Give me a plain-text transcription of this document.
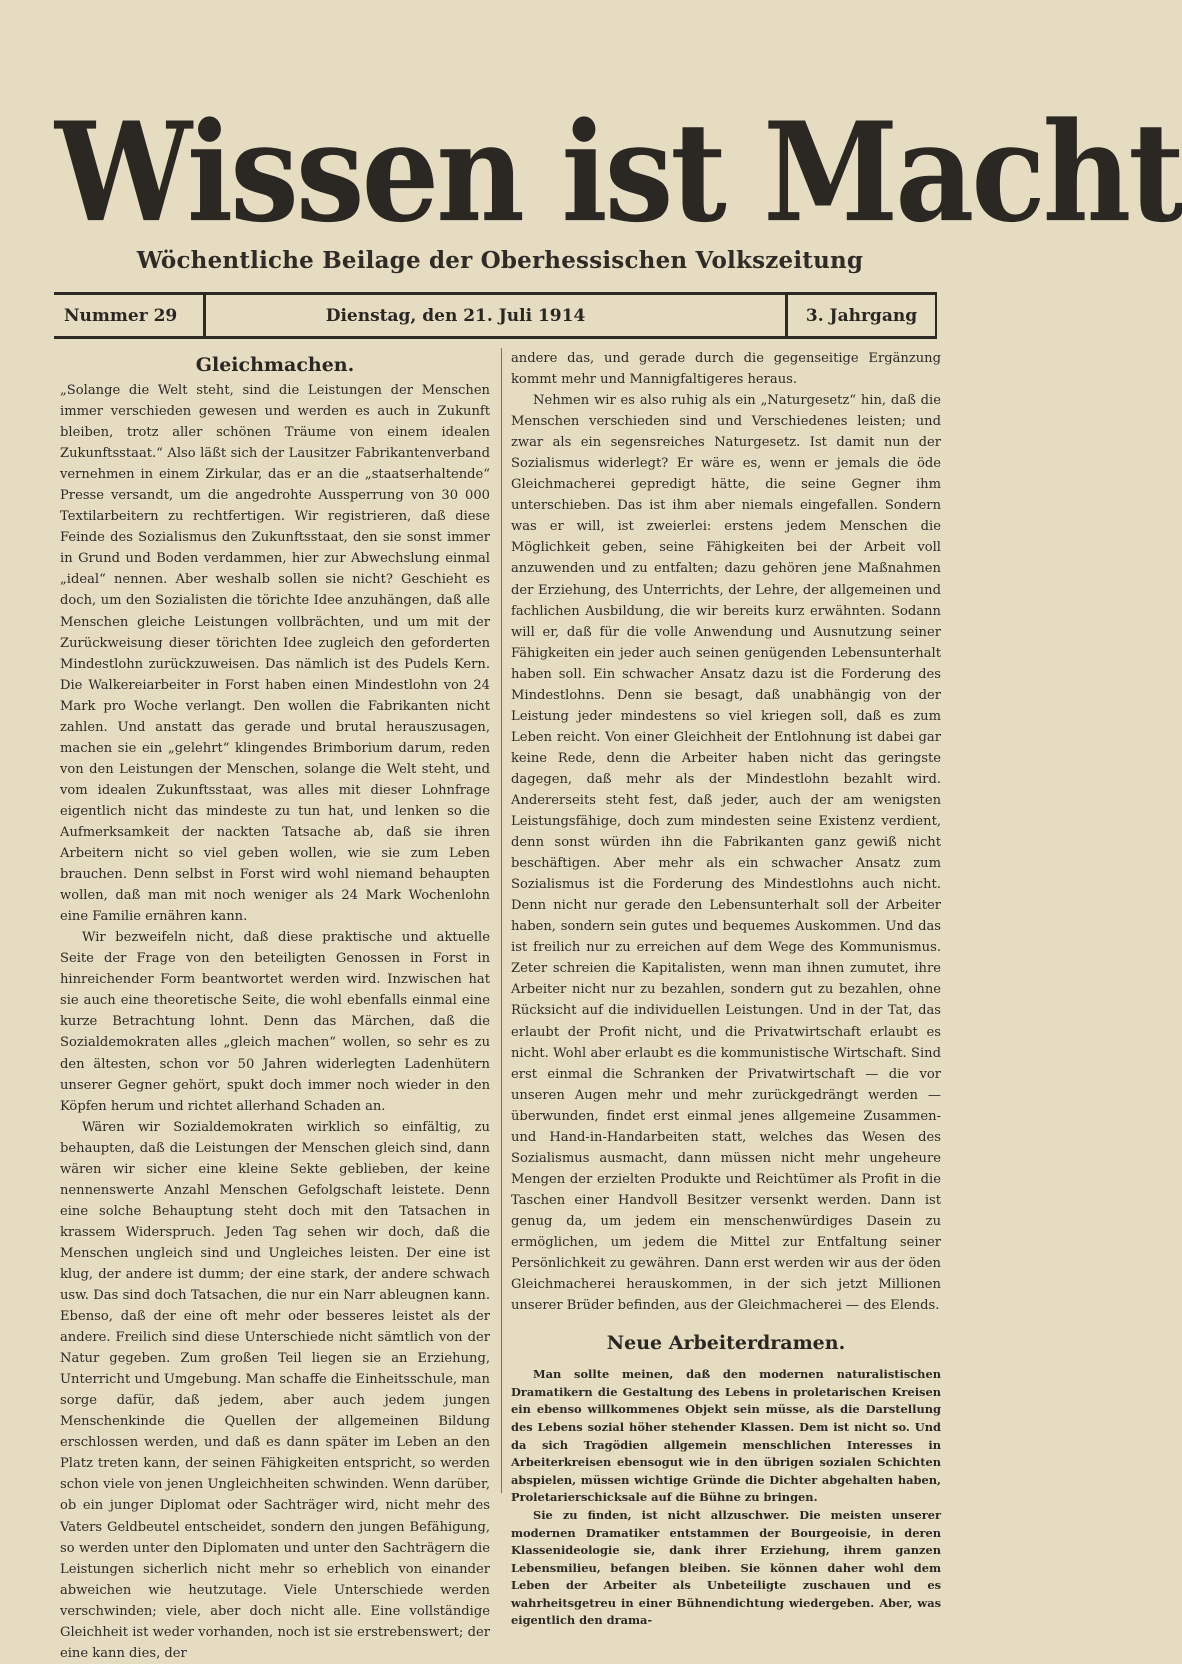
Wissen ist Macht
Wöchentliche Beilage der Oberhessischen Volkszeitung
Nummer 29	Dienstag, den 21. Juli 1914	3. Jahrgang
Gleichmachen.

„Solange die Welt steht, sind die Leistungen der Menschen immer verschieden gewesen und werden es auch in Zukunft bleiben, trotz aller schönen Träume von einem idealen Zukunftsstaat.“ Also läßt sich der Lausitzer Fabrikantenverband vernehmen in einem Zirkular, das er an die „staatserhaltende“ Presse versandt, um die angedrohte Aussperrung von 30 000 Textilarbeitern zu rechtfertigen. Wir registrieren, daß diese Feinde des Sozialismus den Zukunftsstaat, den sie sonst immer in Grund und Boden verdammen, hier zur Abwechslung einmal „ideal“ nennen. Aber weshalb sollen sie nicht? Geschieht es doch, um den Sozialisten die törichte Idee anzuhängen, daß alle Menschen gleiche Leistungen vollbrächten, und um mit der Zurückweisung dieser törichten Idee zugleich den geforderten Mindestlohn zurückzuweisen. Das nämlich ist des Pudels Kern. Die Walkereiarbeiter in Forst haben einen Mindestlohn von 24 Mark pro Woche verlangt. Den wollen die Fabrikanten nicht zahlen. Und anstatt das gerade und brutal herauszusagen, machen sie ein „gelehrt“ klingendes Brimborium darum, reden von den Leistungen der Menschen, solange die Welt steht, und vom idealen Zukunftsstaat, was alles mit dieser Lohnfrage eigentlich nicht das mindeste zu tun hat, und lenken so die Aufmerksamkeit der nackten Tatsache ab, daß sie ihren Arbeitern nicht so viel geben wollen, wie sie zum Leben brauchen. Denn selbst in Forst wird wohl niemand behaupten wollen, daß man mit noch weniger als 24 Mark Wochenlohn eine Familie ernähren kann.

Wir bezweifeln nicht, daß diese praktische und aktuelle Seite der Frage von den beteiligten Genossen in Forst in hinreichender Form beantwortet werden wird. Inzwischen hat sie auch eine theoretische Seite, die wohl ebenfalls einmal eine kurze Betrachtung lohnt. Denn das Märchen, daß die Sozialdemokraten alles „gleich machen“ wollen, so sehr es zu den ältesten, schon vor 50 Jahren widerlegten Ladenhütern unserer Gegner gehört, spukt doch immer noch wieder in den Köpfen herum und richtet allerhand Schaden an.

Wären wir Sozialdemokraten wirklich so einfältig, zu behaupten, daß die Leistungen der Menschen gleich sind, dann wären wir sicher eine kleine Sekte geblieben, der keine nennenswerte Anzahl Menschen Gefolgschaft leistete. Denn eine solche Behauptung steht doch mit den Tatsachen in krassem Widerspruch. Jeden Tag sehen wir doch, daß die Menschen ungleich sind und Ungleiches leisten. Der eine ist klug, der andere ist dumm; der eine stark, der andere schwach usw. Das sind doch Tatsachen, die nur ein Narr ableugnen kann. Ebenso, daß der eine oft mehr oder besseres leistet als der andere. Freilich sind diese Unterschiede nicht sämtlich von der Natur gegeben. Zum großen Teil liegen sie an Erziehung, Unterricht und Umgebung. Man schaffe die Einheitsschule, man sorge dafür, daß jedem, aber auch jedem jungen Menschenkinde die Quellen der allgemeinen Bildung erschlossen werden, und daß es dann später im Leben an den Platz treten kann, der seinen Fähigkeiten entspricht, so werden schon viele von jenen Ungleichheiten schwinden. Wenn darüber, ob ein junger Diplomat oder Sachträger wird, nicht mehr des Vaters Geldbeutel entscheidet, sondern den jungen Befähigung, so werden unter den Diplomaten und unter den Sachträgern die Leistungen sicherlich nicht mehr so erheblich von einander abweichen wie heutzutage. Viele Unterschiede werden verschwinden; viele, aber doch nicht alle. Eine vollständige Gleichheit ist weder vorhanden, noch ist sie erstrebenswert; der eine kann dies, der

andere das, und gerade durch die gegenseitige Ergänzung kommt mehr und Mannigfaltigeres heraus.

Nehmen wir es also ruhig als ein „Naturgesetz“ hin, daß die Menschen verschieden sind und Verschiedenes leisten; und zwar als ein segensreiches Naturgesetz. Ist damit nun der Sozialismus widerlegt? Er wäre es, wenn er jemals die öde Gleichmacherei gepredigt hätte, die seine Gegner ihm unterschieben. Das ist ihm aber niemals eingefallen. Sondern was er will, ist zweierlei: erstens jedem Menschen die Möglichkeit geben, seine Fähigkeiten bei der Arbeit voll anzuwenden und zu entfalten; dazu gehören jene Maßnahmen der Erziehung, des Unterrichts, der Lehre, der allgemeinen und fachlichen Ausbildung, die wir bereits kurz erwähnten. Sodann will er, daß für die volle Anwendung und Ausnutzung seiner Fähigkeiten ein jeder auch seinen genügenden Lebensunterhalt haben soll. Ein schwacher Ansatz dazu ist die Forderung des Mindestlohns. Denn sie besagt, daß unabhängig von der Leistung jeder mindestens so viel kriegen soll, daß es zum Leben reicht. Von einer Gleichheit der Entlohnung ist dabei gar keine Rede, denn die Arbeiter haben nicht das geringste dagegen, daß mehr als der Mindestlohn bezahlt wird. Andererseits steht fest, daß jeder, auch der am wenigsten Leistungsfähige, doch zum mindesten seine Existenz verdient, denn sonst würden ihn die Fabrikanten ganz gewiß nicht beschäftigen. Aber mehr als ein schwacher Ansatz zum Sozialismus ist die Forderung des Mindestlohns auch nicht. Denn nicht nur gerade den Lebensunterhalt soll der Arbeiter haben, sondern sein gutes und bequemes Auskommen. Und das ist freilich nur zu erreichen auf dem Wege des Kommunismus. Zeter schreien die Kapitalisten, wenn man ihnen zumutet, ihre Arbeiter nicht nur zu bezahlen, sondern gut zu bezahlen, ohne Rücksicht auf die individuellen Leistungen. Und in der Tat, das erlaubt der Profit nicht, und die Privatwirtschaft erlaubt es nicht. Wohl aber erlaubt es die kommunistische Wirtschaft. Sind erst einmal die Schranken der Privatwirtschaft — die vor unseren Augen mehr und mehr zurückgedrängt werden — überwunden, findet erst einmal jenes allgemeine Zusammen- und Hand-in-Handarbeiten statt, welches das Wesen des Sozialismus ausmacht, dann müssen nicht mehr ungeheure Mengen der erzielten Produkte und Reichtümer als Profit in die Taschen einer Handvoll Besitzer versenkt werden. Dann ist genug da, um jedem ein menschenwürdiges Dasein zu ermöglichen, um jedem die Mittel zur Entfaltung seiner Persönlichkeit zu gewähren. Dann erst werden wir aus der öden Gleichmacherei herauskommen, in der sich jetzt Millionen unserer Brüder befinden, aus der Gleichmacherei — des Elends.

Neue Arbeiterdramen.

Man sollte meinen, daß den modernen naturalistischen Dramatikern die Gestaltung des Lebens in proletarischen Kreisen ein ebenso willkommenes Objekt sein müsse, als die Darstellung des Lebens sozial höher stehender Klassen. Dem ist nicht so. Und da sich Tragödien allgemein menschlichen Interesses in Arbeiterkreisen ebensogut wie in den übrigen sozialen Schichten abspielen, müssen wichtige Gründe die Dichter abgehalten haben, Proletarierschicksale auf die Bühne zu bringen.

Sie zu finden, ist nicht allzuschwer. Die meisten unserer modernen Dramatiker entstammen der Bourgeoisie, in deren Klassenideologie sie, dank ihrer Erziehung, ihrem ganzen Lebensmilieu, befangen bleiben. Sie können daher wohl dem Leben der Arbeiter als Unbeteiligte zuschauen und es wahrheitsgetreu in einer Bühnendichtung wiedergeben. Aber, was eigentlich den drama-
